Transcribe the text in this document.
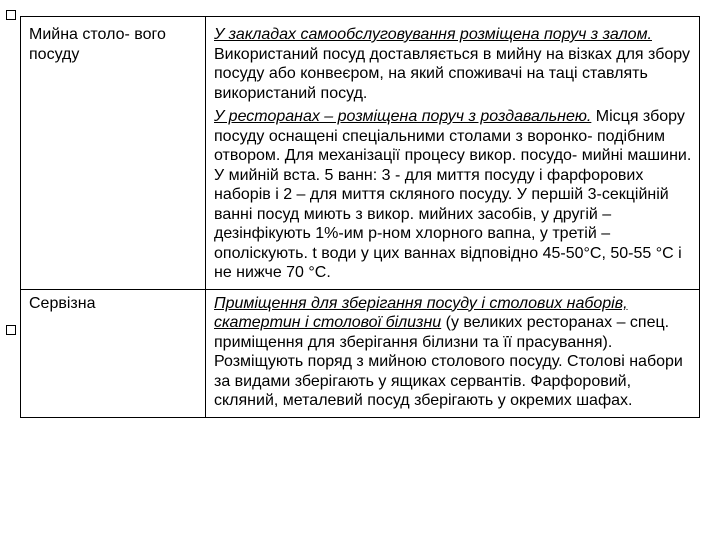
Мийна столо- вого посуду	У закладах самообслуговування розміщена поруч з залом. Використаний посуд доставляється в мийну на візках для збору посуду або конвеєром, на який споживачі на таці ставлять використаний посуд.

У ресторанах – розміщена поруч з роздавальнею. Місця збору посуду оснащені спеціальними столами з воронко- подібним отвором. Для механізації процесу викор. посудо- мийні машини. У мийній вста. 5 ванн: 3 - для миття посуду і фарфорових наборів і 2 – для миття скляного посуду. У першій 3-секційній ванні посуд миють з викор. мийних засобів, у другій – дезінфікують 1%-им р-ном хлорного вапна, у третій – ополіскують. t води у цих ваннах відповідно 45-50°C, 50-55 °C і не нижче 70 °C.

Сервізна	Приміщення для зберігання посуду і столових наборів, скатертин і столової білизни (у великих ресторанах – спец. приміщення для зберігання білизни та її прасування). Розміщують поряд з мийною столового посуду. Столові набори за видами зберігають у ящиках сервантів. Фарфоровий, скляний, металевий посуд зберігають у окремих шафах.
